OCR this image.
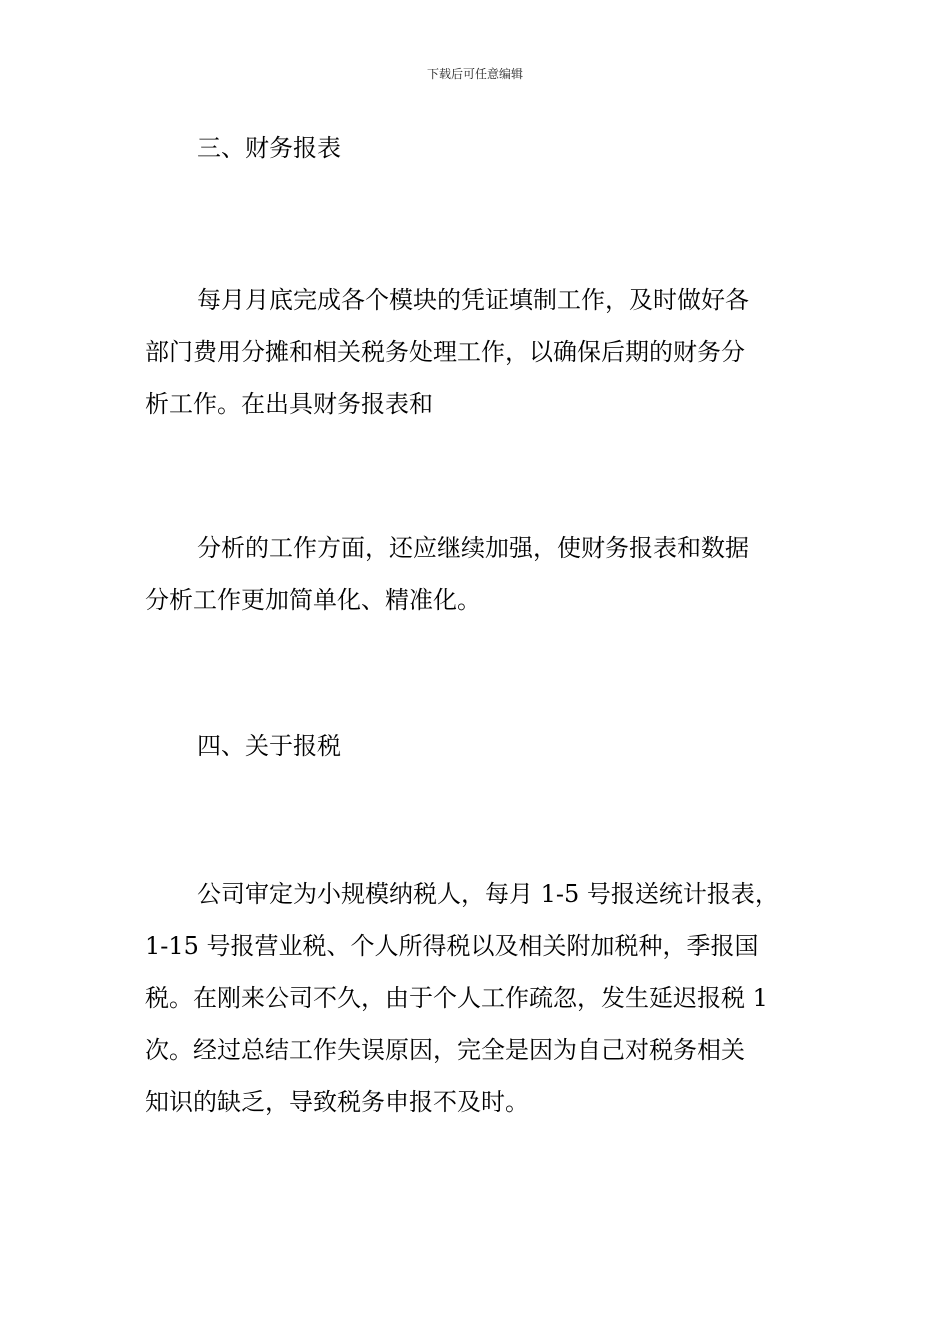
下载后可任意编辑
三、财务报表
每月月底完成各个模块的凭证填制工作，及时做好各
部门费用分摊和相关税务处理工作，以确保后期的财务分
析工作。在出具财务报表和
分析的工作方面，还应继续加强，使财务报表和数据
分析工作更加简单化、精准化。
四、关于报税
公司审定为小规模纳税人，每月 1-5 号报送统计报表，
1-15 号报营业税、个人所得税以及相关附加税种，季报国
税。在刚来公司不久，由于个人工作疏忽，发生延迟报税 1
次。经过总结工作失误原因，完全是因为自己对税务相关
知识的缺乏，导致税务申报不及时。
